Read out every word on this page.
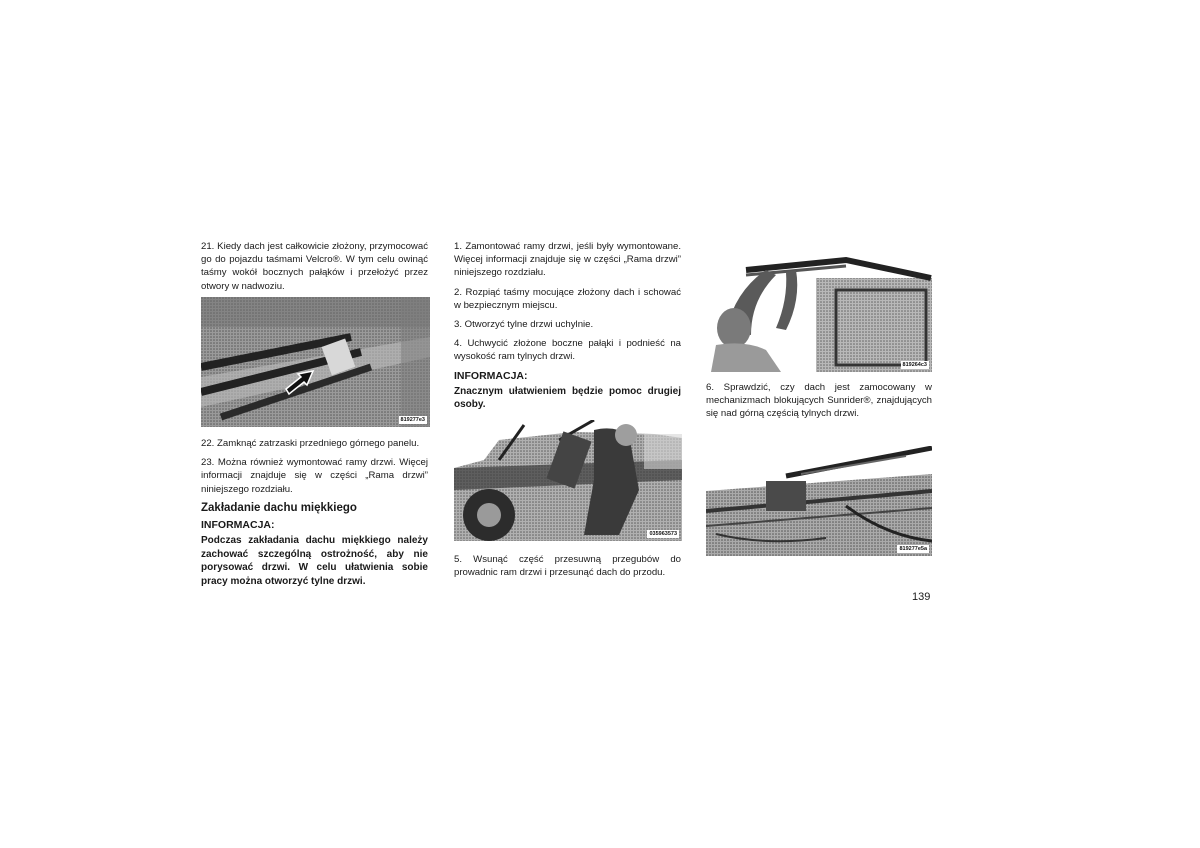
21. Kiedy dach jest całkowicie złożony, przymocować go do pojazdu taśmami Velcro®. W tym celu owinąć taśmy wokół bocznych pałąków i przełożyć przez otwory w nadwoziu.

819277e3

22. Zamknąć zatrzaski przedniego górnego panelu.

23. Można również wymontować ramy drzwi. Więcej informacji znajduje się w części „Rama drzwi” niniejszego rozdziału.

Zakładanie dachu miękkiego
INFORMACJA:

Podczas zakładania dachu miękkiego należy zachować szczególną ostrożność, aby nie porysować drzwi. W celu ułatwienia sobie pracy można otworzyć tylne drzwi.

1. Zamontować ramy drzwi, jeśli były wymontowane. Więcej informacji znajduje się w części „Rama drzwi” niniejszego rozdziału.

2. Rozpiąć taśmy mocujące złożony dach i schować w bezpiecznym miejscu.

3. Otworzyć tylne drzwi uchylnie.

4. Uchwycić złożone boczne pałąki i podnieść na wysokość ram tylnych drzwi.

INFORMACJA:

Znacznym ułatwieniem będzie pomoc drugiej osoby.

035963573

5. Wsunąć część przesuwną przegubów do prowadnic ram drzwi i przesunąć dach do przodu.

819264c3

6. Sprawdzić, czy dach jest zamocowany w mechanizmach blokujących Sunrider®, znajdujących się nad górną częścią tylnych drzwi.

819277e5a
139
